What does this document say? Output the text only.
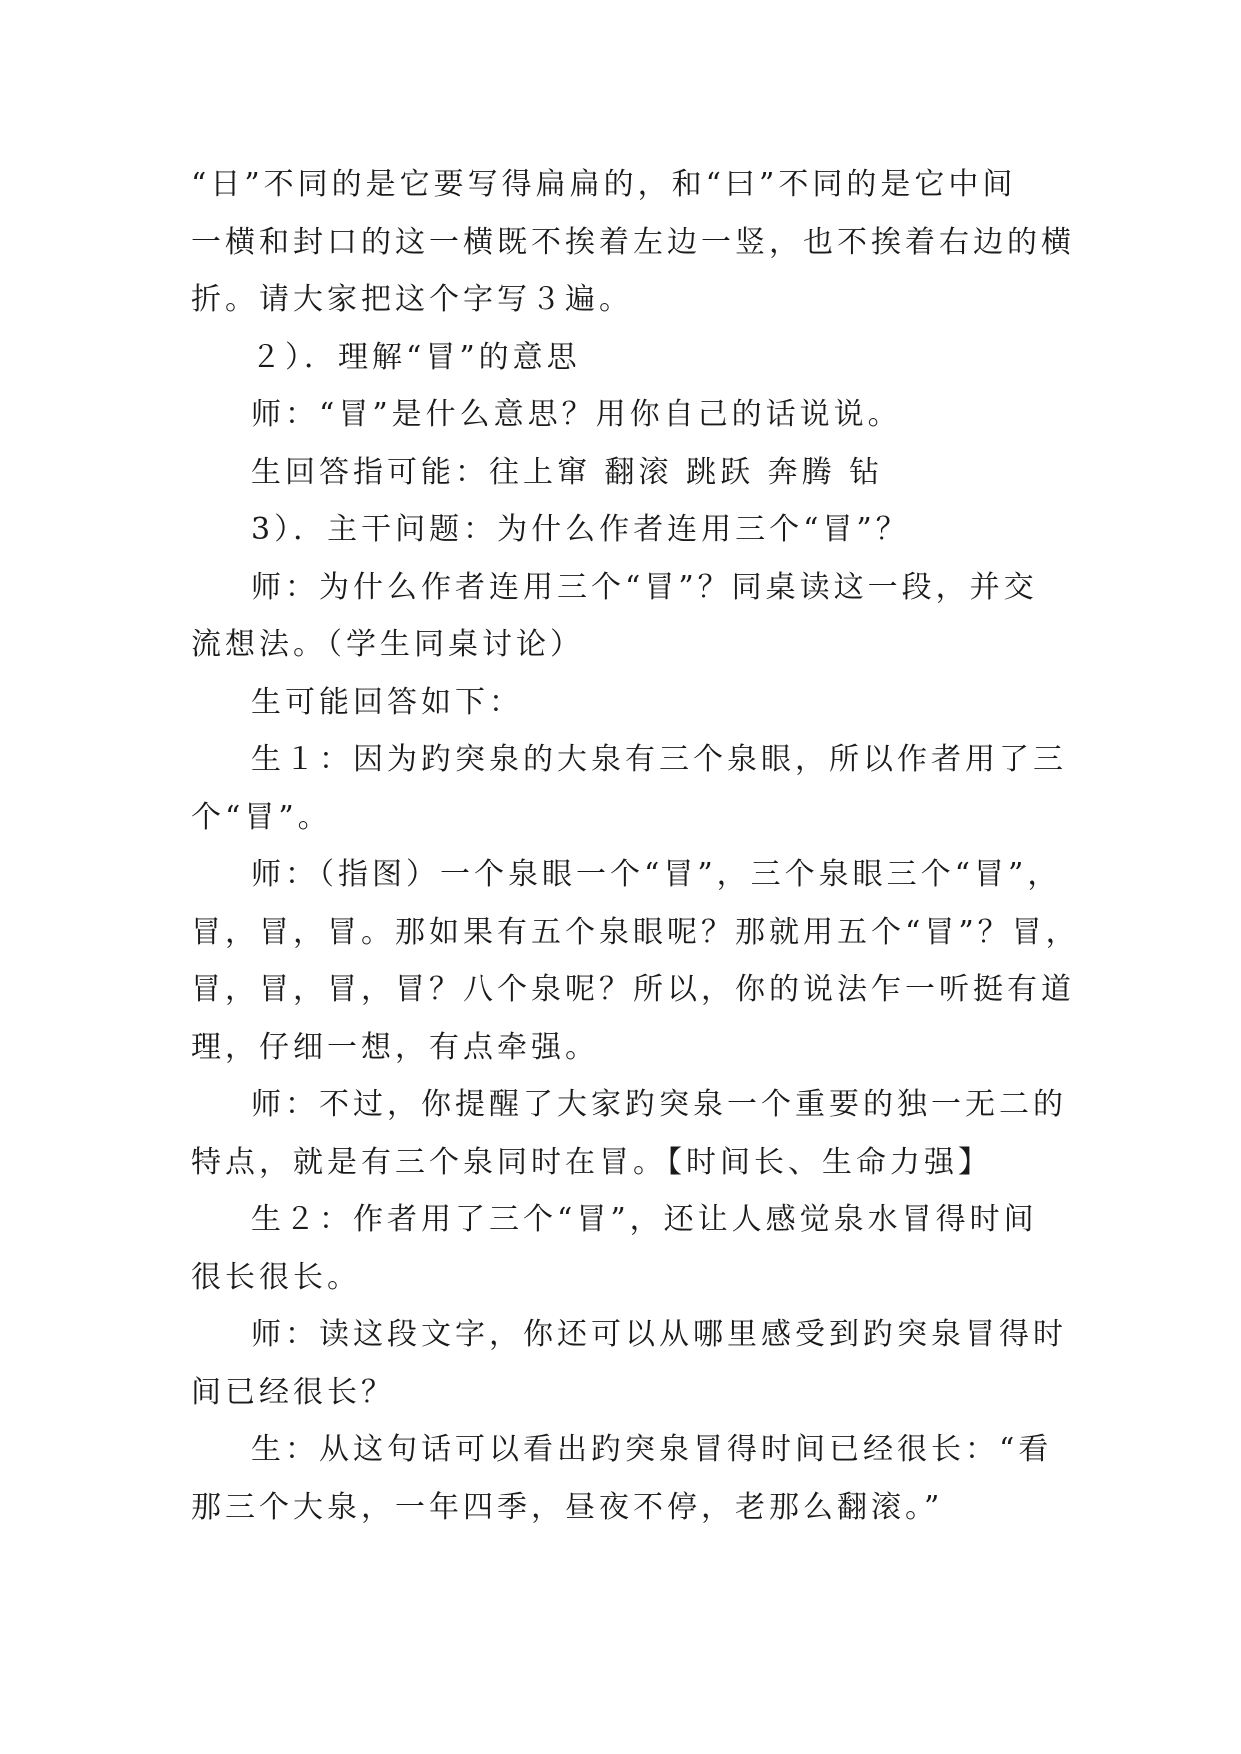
“日”不同的是它要写得扁扁的，和“曰”不同的是它中间

一横和封口的这一横既不挨着左边一竖，也不挨着右边的横

折。请大家把这个字写３遍。

２）．理解“冒”的意思

师：“冒”是什么意思？用你自己的话说说。

生回答指可能：往上窜 翻滚 跳跃 奔腾 钻

3）．主干问题：为什么作者连用三个“冒”？

师：为什么作者连用三个“冒”？同桌读这一段，并交

流想法。（学生同桌讨论）

生可能回答如下：

生１：因为趵突泉的大泉有三个泉眼，所以作者用了三

个“冒”。

师：（指图）一个泉眼一个“冒”，三个泉眼三个“冒”，

冒，冒，冒。那如果有五个泉眼呢？那就用五个“冒”？冒，

冒，冒，冒，冒？八个泉呢？所以，你的说法乍一听挺有道

理，仔细一想，有点牵强。

师：不过，你提醒了大家趵突泉一个重要的独一无二的

特点，就是有三个泉同时在冒。【时间长、生命力强】

生２：作者用了三个“冒”，还让人感觉泉水冒得时间

很长很长。

师：读这段文字，你还可以从哪里感受到趵突泉冒得时

间已经很长？

生：从这句话可以看出趵突泉冒得时间已经很长：“看

那三个大泉，一年四季，昼夜不停，老那么翻滚。”
